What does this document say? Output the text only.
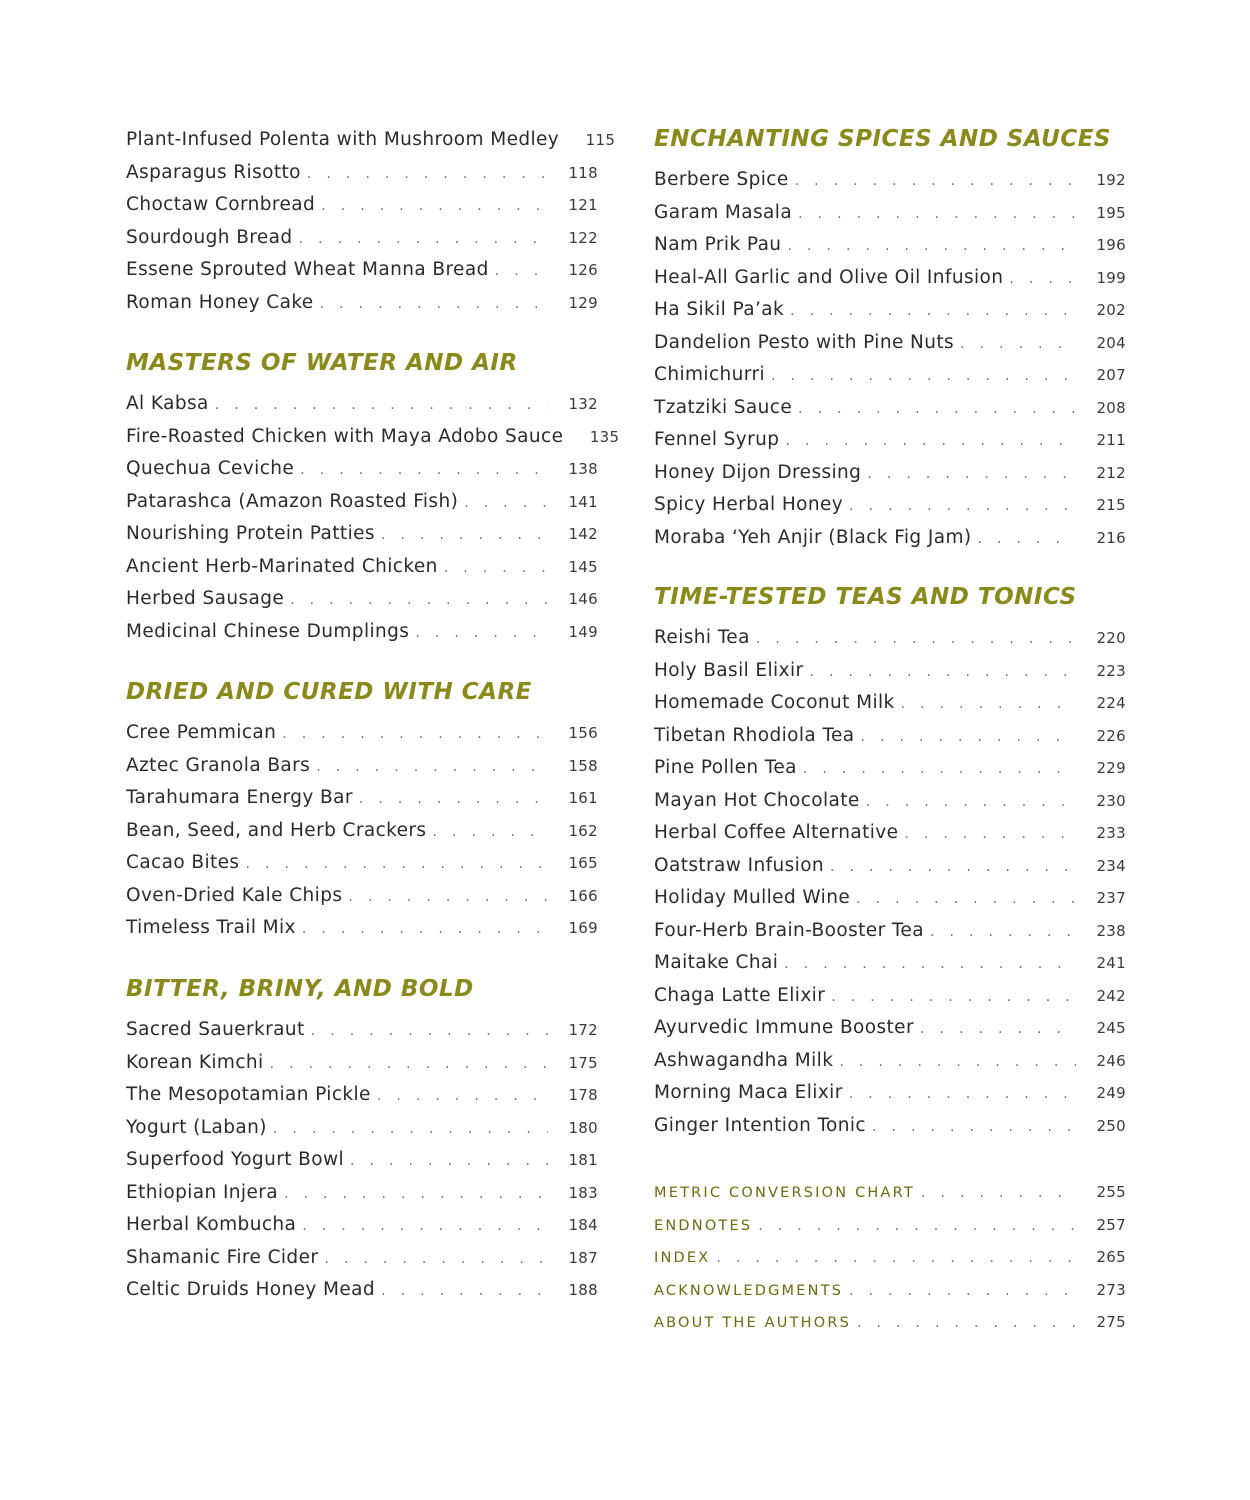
Plant-Infused Polenta with Mushroom Medley	115
Asparagus Risotto . . .	118
Choctaw Cornbread . . .	121
Sourdough Bread . . .	122
Essene Sprouted Wheat Manna Bread . . .	126
Roman Honey Cake . . .	129
MASTERS OF WATER AND AIR
Al Kabsa . . .	132
Fire-Roasted Chicken with Maya Adobo Sauce	135
Quechua Ceviche . . .	138
Patarashca (Amazon Roasted Fish) . . .	141
Nourishing Protein Patties . . .	142
Ancient Herb-Marinated Chicken . . .	145
Herbed Sausage . . .	146
Medicinal Chinese Dumplings . . .	149
DRIED AND CURED WITH CARE
Cree Pemmican . . .	156
Aztec Granola Bars . . .	158
Tarahumara Energy Bar . . .	161
Bean, Seed, and Herb Crackers . . .	162
Cacao Bites . . .	165
Oven-Dried Kale Chips . . .	166
Timeless Trail Mix . . .	169
BITTER, BRINY, AND BOLD
Sacred Sauerkraut . . .	172
Korean Kimchi . . .	175
The Mesopotamian Pickle . . .	178
Yogurt (Laban) . . .	180
Superfood Yogurt Bowl . . .	181
Ethiopian Injera . . .	183
Herbal Kombucha . . .	184
Shamanic Fire Cider . . .	187
Celtic Druids Honey Mead . . .	188
ENCHANTING SPICES AND SAUCES
Berbere Spice . . .	192
Garam Masala . . .	195
Nam Prik Pau . . .	196
Heal-All Garlic and Olive Oil Infusion . . .	199
Ha Sikil Pa’ak . . .	202
Dandelion Pesto with Pine Nuts . . .	204
Chimichurri . . .	207
Tzatziki Sauce . . .	208
Fennel Syrup . . .	211
Honey Dijon Dressing . . .	212
Spicy Herbal Honey . . .	215
Moraba ‘Yeh Anjir (Black Fig Jam) . . .	216
TIME-TESTED TEAS AND TONICS
Reishi Tea . . .	220
Holy Basil Elixir . . .	223
Homemade Coconut Milk . . .	224
Tibetan Rhodiola Tea . . .	226
Pine Pollen Tea . . .	229
Mayan Hot Chocolate . . .	230
Herbal Coffee Alternative . . .	233
Oatstraw Infusion . . .	234
Holiday Mulled Wine . . .	237
Four-Herb Brain-Booster Tea . . .	238
Maitake Chai . . .	241
Chaga Latte Elixir . . .	242
Ayurvedic Immune Booster . . .	245
Ashwagandha Milk . . .	246
Morning Maca Elixir . . .	249
Ginger Intention Tonic . . .	250
METRIC CONVERSION CHART . . .	255
ENDNOTES . . .	257
INDEX . . .	265
ACKNOWLEDGMENTS . . .	273
ABOUT THE AUTHORS . . .	275
